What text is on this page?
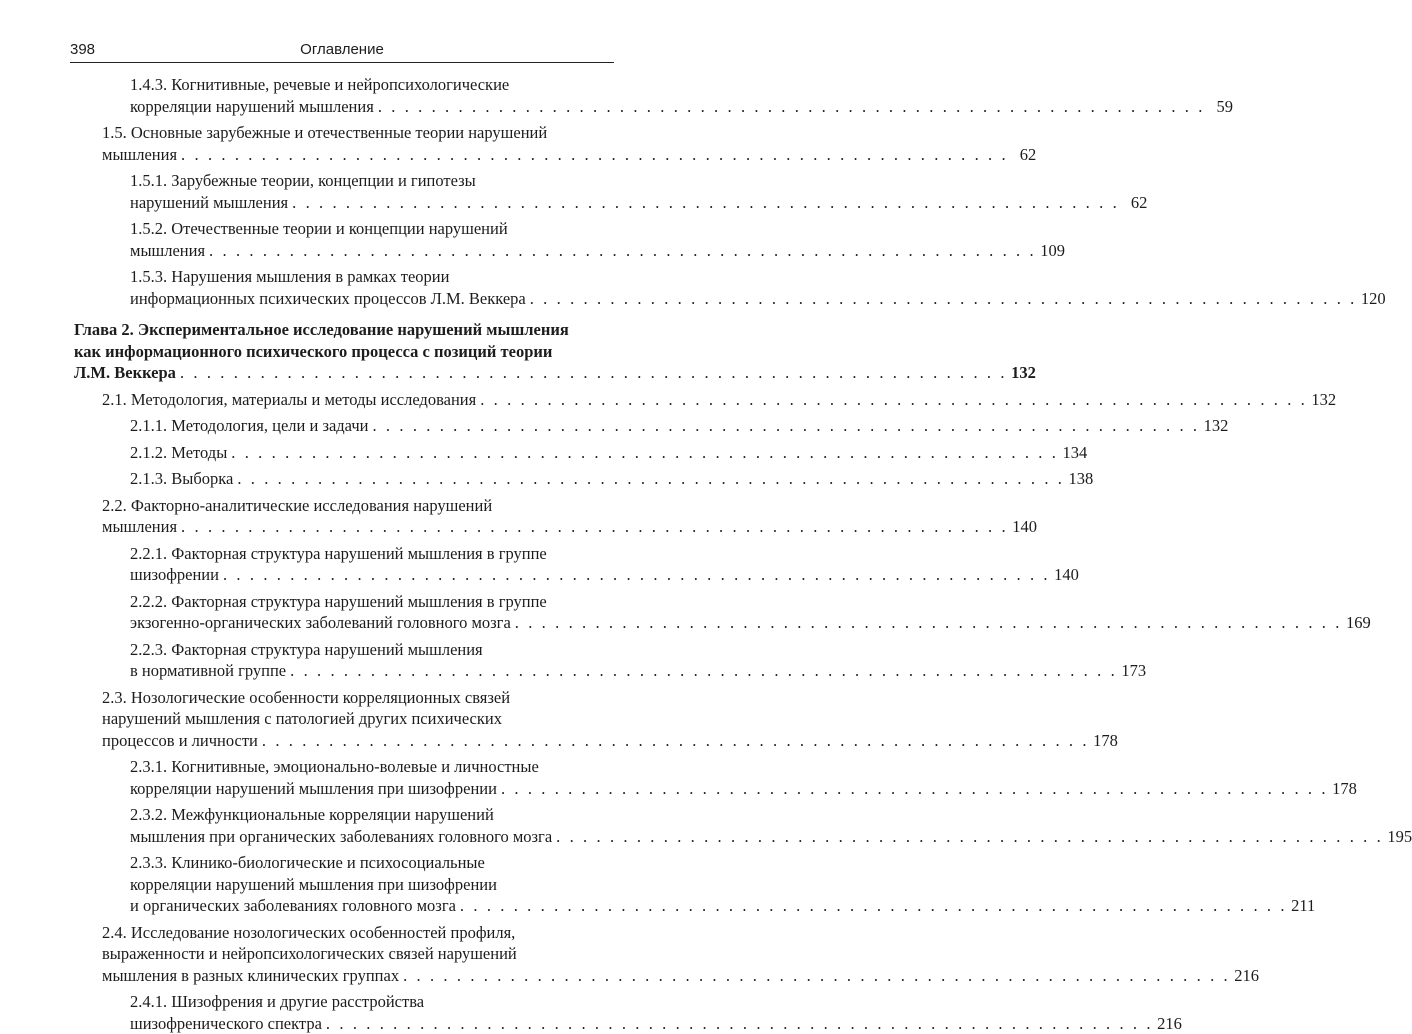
398	Оглавление
1.4.3. Когнитивные, речевые и нейропсихологические
корреляции нарушений мышления . . . . . . . . . . . . . . . . . . . . . . . . . . . . . . . . . . . . . . . . . . . . . . . . . . . . . . . . . . . . . . 59
1.5. Основные зарубежные и отечественные теории нарушений
мышления . . . . . . . . . . . . . . . . . . . . . . . . . . . . . . . . . . . . . . . . . . . . . . . . . . . . . . . . . . . . . . 62
1.5.1. Зарубежные теории, концепции и гипотезы
нарушений мышления . . . . . . . . . . . . . . . . . . . . . . . . . . . . . . . . . . . . . . . . . . . . . . . . . . . . . . . . . . . . . . 62
1.5.2. Отечественные теории и концепции нарушений
мышления . . . . . . . . . . . . . . . . . . . . . . . . . . . . . . . . . . . . . . . . . . . . . . . . . . . . . . . . . . . . . . 109
1.5.3. Нарушения мышления в рамках теории
информационных психических процессов Л.М. Веккера . . . . . . . . . . . . . . . . . . . . . . . . . . . . . . . . . . . . . . . . . . . . . . . . . . . . . . . . . . . . . . 120
Глава 2. Экспериментальное исследование нарушений мышления
как информационного психического процесса с позиций теории
Л.М. Веккера . . . . . . . . . . . . . . . . . . . . . . . . . . . . . . . . . . . . . . . . . . . . . . . . . . . . . . . . . . . . . . 132
2.1. Методология, материалы и методы исследования . . . . . . . . . . . . . . . . . . . . . . . . . . . . . . . . . . . . . . . . . . . . . . . . . . . . . . . . . . . . . . 132
2.1.1. Методология, цели и задачи . . . . . . . . . . . . . . . . . . . . . . . . . . . . . . . . . . . . . . . . . . . . . . . . . . . . . . . . . . . . . . 132
2.1.2. Методы . . . . . . . . . . . . . . . . . . . . . . . . . . . . . . . . . . . . . . . . . . . . . . . . . . . . . . . . . . . . . . 134
2.1.3. Выборка . . . . . . . . . . . . . . . . . . . . . . . . . . . . . . . . . . . . . . . . . . . . . . . . . . . . . . . . . . . . . . 138
2.2. Факторно-аналитические исследования нарушений
мышления . . . . . . . . . . . . . . . . . . . . . . . . . . . . . . . . . . . . . . . . . . . . . . . . . . . . . . . . . . . . . . 140
2.2.1. Факторная структура нарушений мышления в группе
шизофрении . . . . . . . . . . . . . . . . . . . . . . . . . . . . . . . . . . . . . . . . . . . . . . . . . . . . . . . . . . . . . . 140
2.2.2. Факторная структура нарушений мышления в группе
экзогенно-органических заболеваний головного мозга . . . . . . . . . . . . . . . . . . . . . . . . . . . . . . . . . . . . . . . . . . . . . . . . . . . . . . . . . . . . . . 169
2.2.3. Факторная структура нарушений мышления
в нормативной группе . . . . . . . . . . . . . . . . . . . . . . . . . . . . . . . . . . . . . . . . . . . . . . . . . . . . . . . . . . . . . . 173
2.3. Нозологические особенности корреляционных связей
нарушений мышления с патологией других психических
процессов и личности . . . . . . . . . . . . . . . . . . . . . . . . . . . . . . . . . . . . . . . . . . . . . . . . . . . . . . . . . . . . . . 178
2.3.1. Когнитивные, эмоционально-волевые и личностные
корреляции нарушений мышления при шизофрении . . . . . . . . . . . . . . . . . . . . . . . . . . . . . . . . . . . . . . . . . . . . . . . . . . . . . . . . . . . . . . 178
2.3.2. Межфункциональные корреляции нарушений
мышления при органических заболеваниях головного мозга . . . . . . . . . . . . . . . . . . . . . . . . . . . . . . . . . . . . . . . . . . . . . . . . . . . . . . . . . . . . . . 195
2.3.3. Клинико-биологические и психосоциальные
корреляции нарушений мышления при шизофрении
и органических заболеваниях головного мозга . . . . . . . . . . . . . . . . . . . . . . . . . . . . . . . . . . . . . . . . . . . . . . . . . . . . . . . . . . . . . . 211
2.4. Исследование нозологических особенностей профиля,
выраженности и нейропсихологических связей нарушений
мышления в разных клинических группах . . . . . . . . . . . . . . . . . . . . . . . . . . . . . . . . . . . . . . . . . . . . . . . . . . . . . . . . . . . . . . 216
2.4.1. Шизофрения и другие расстройства
шизофренического спектра . . . . . . . . . . . . . . . . . . . . . . . . . . . . . . . . . . . . . . . . . . . . . . . . . . . . . . . . . . . . . . 216
